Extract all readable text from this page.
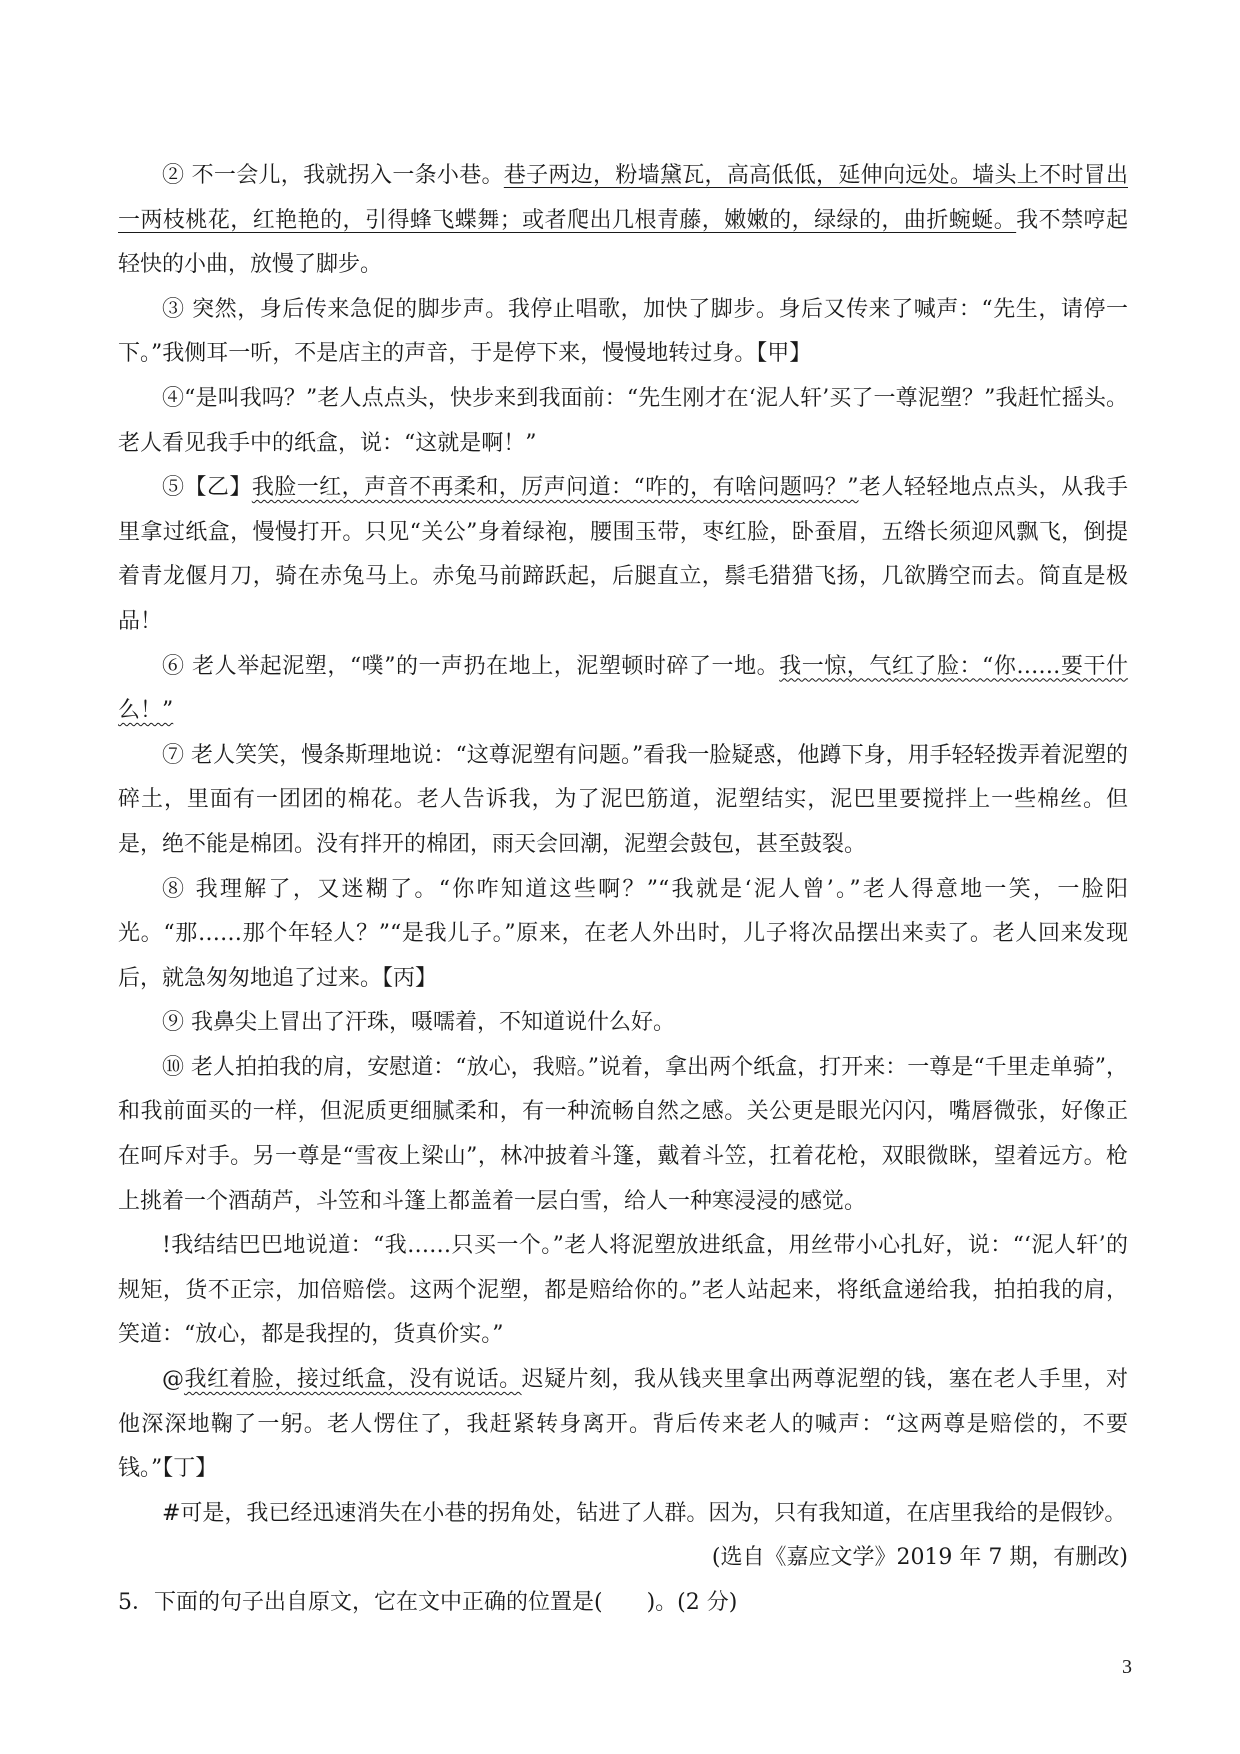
② 不一会儿，我就拐入一条小巷。巷子两边，粉墙黛瓦，高高低低，延伸向远处。墙头上不时冒出一两枝桃花，红艳艳的，引得蜂飞蝶舞；或者爬出几根青藤，嫩嫩的，绿绿的，曲折蜿蜒。我不禁哼起轻快的小曲，放慢了脚步。

③ 突然，身后传来急促的脚步声。我停止唱歌，加快了脚步。身后又传来了喊声：“先生，请停一下。”我侧耳一听，不是店主的声音，于是停下来，慢慢地转过身。【甲】

④“是叫我吗？”老人点点头，快步来到我面前：“先生刚才在‘泥人轩’买了一尊泥塑？”我赶忙摇头。老人看见我手中的纸盒，说：“这就是啊！”

⑤【乙】我脸一红，声音不再柔和，厉声问道：“咋的，有啥问题吗？”老人轻轻地点点头，从我手里拿过纸盒，慢慢打开。只见“关公”身着绿袍，腰围玉带，枣红脸，卧蚕眉，五绺长须迎风飘飞，倒提着青龙偃月刀，骑在赤兔马上。赤兔马前蹄跃起，后腿直立，鬃毛猎猎飞扬，几欲腾空而去。简直是极品！

⑥ 老人举起泥塑，“噗”的一声扔在地上，泥塑顿时碎了一地。我一惊，气红了脸：“你……要干什么！”

⑦ 老人笑笑，慢条斯理地说：“这尊泥塑有问题。”看我一脸疑惑，他蹲下身，用手轻轻拨弄着泥塑的碎土，里面有一团团的棉花。老人告诉我，为了泥巴筋道，泥塑结实，泥巴里要搅拌上一些棉丝。但是，绝不能是棉团。没有拌开的棉团，雨天会回潮，泥塑会鼓包，甚至鼓裂。

⑧ 我理解了，又迷糊了。“你咋知道这些啊？”“我就是‘泥人曾’。”老人得意地一笑，一脸阳光。“那……那个年轻人？”“是我儿子。”原来，在老人外出时，儿子将次品摆出来卖了。老人回来发现后，就急匆匆地追了过来。【丙】

⑨ 我鼻尖上冒出了汗珠，嗫嚅着，不知道说什么好。

⑩ 老人拍拍我的肩，安慰道：“放心，我赔。”说着，拿出两个纸盒，打开来：一尊是“千里走单骑”，和我前面买的一样，但泥质更细腻柔和，有一种流畅自然之感。关公更是眼光闪闪，嘴唇微张，好像正在呵斥对手。另一尊是“雪夜上梁山”，林冲披着斗篷，戴着斗笠，扛着花枪，双眼微眯，望着远方。枪上挑着一个酒葫芦，斗笠和斗篷上都盖着一层白雪，给人一种寒浸浸的感觉。

!我结结巴巴地说道：“我……只买一个。”老人将泥塑放进纸盒，用丝带小心扎好，说：“‘泥人轩’的规矩，货不正宗，加倍赔偿。这两个泥塑，都是赔给你的。”老人站起来，将纸盒递给我，拍拍我的肩，笑道：“放心，都是我捏的，货真价实。”

@我红着脸，接过纸盒，没有说话。迟疑片刻，我从钱夹里拿出两尊泥塑的钱，塞在老人手里，对他深深地鞠了一躬。老人愣住了，我赶紧转身离开。背后传来老人的喊声：“这两尊是赔偿的，不要钱。”【丁】

#可是，我已经迅速消失在小巷的拐角处，钻进了人群。因为，只有我知道，在店里我给的是假钞。

(选自《嘉应文学》2019 年 7 期，有删改)

5．下面的句子出自原文，它在文中正确的位置是(　　)。(2 分)

3
